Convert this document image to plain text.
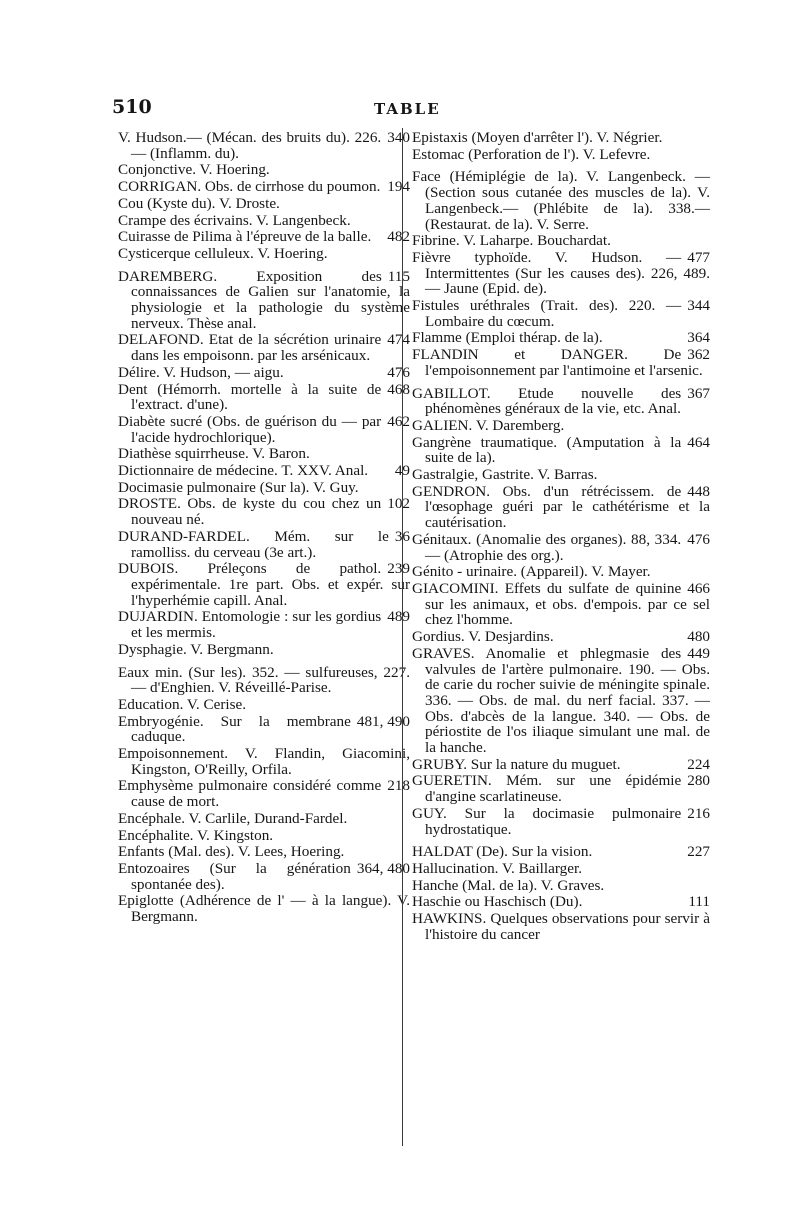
510	TABLE
340
V. Hudson.— (Mécan. des bruits du). 226. — (Inflamm. du).
Conjonctive. V. Hoering.
194
CORRIGAN. Obs. de cirrhose du poumon.
Cou (Kyste du). V. Droste.
Crampe des écrivains. V. Langenbeck.
482
Cuirasse de Pilima à l'épreuve de la balle.
Cysticerque celluleux. V. Hoering.
115
DAREMBERG. Exposition des connaissances de Galien sur l'anatomie, la physiologie et la pathologie du système nerveux. Thèse anal.
474
DELAFOND. Etat de la sécrétion urinaire dans les empoisonn. par les arsénicaux.
476
Délire. V. Hudson, — aigu.
468
Dent (Hémorrh. mortelle à la suite de l'extract. d'une).
462
Diabète sucré (Obs. de guérison du — par l'acide hydrochlorique).
Diathèse squirrheuse. V. Baron.
49
Dictionnaire de médecine. T. XXV. Anal.
Docimasie pulmonaire (Sur la). V. Guy.
102
DROSTE. Obs. de kyste du cou chez un nouveau né.
36
DURAND-FARDEL. Mém. sur le ramolliss. du cerveau (3e art.).
239
DUBOIS. Préleçons de pathol. expérimentale. 1re part. Obs. et expér. sur l'hyperhémie capill. Anal.
489
DUJARDIN. Entomologie : sur les gordius et les mermis.
Dysphagie. V. Bergmann.
Eaux min. (Sur les). 352. — sulfureuses, 227. — d'Enghien. V. Réveillé-Parise.
Education. V. Cerise.
481, 490
Embryogénie. Sur la membrane caduque.
Empoisonnement. V. Flandin, Giacomini, Kingston, O'Reilly, Orfila.
218
Emphysème pulmonaire considéré comme cause de mort.
Encéphale. V. Carlile, Durand-Fardel.
Encéphalite. V. Kingston.
Enfants (Mal. des). V. Lees, Hoering.
364, 480
Entozoaires (Sur la génération spontanée des).
Epiglotte (Adhérence de l' — à la langue). V. Bergmann.
Epistaxis (Moyen d'arrêter l'). V. Négrier.
Estomac (Perforation de l'). V. Lefevre.
Face (Hémiplégie de la). V. Langenbeck. — (Section sous cutanée des muscles de la). V. Langenbeck.— (Phlébite de la). 338.—(Restaurat. de la). V. Serre.
Fibrine. V. Laharpe. Bouchardat.
477
Fièvre typhoïde. V. Hudson. — Intermittentes (Sur les causes des). 226, 489. — Jaune (Epid. de).
344
Fistules uréthrales (Trait. des). 220. — Lombaire du cœcum.
364
Flamme (Emploi thérap. de la).
362
FLANDIN et DANGER. De l'empoisonnement par l'antimoine et l'arsenic.
367
GABILLOT. Etude nouvelle des phénomènes généraux de la vie, etc. Anal.
GALIEN. V. Daremberg.
464
Gangrène traumatique. (Amputation à la suite de la).
Gastralgie, Gastrite. V. Barras.
448
GENDRON. Obs. d'un rétrécissem. de l'œsophage guéri par le cathétérisme et la cautérisation.
476
Génitaux. (Anomalie des organes). 88, 334. — (Atrophie des org.).
Génito - urinaire. (Appareil). V. Mayer.
466
GIACOMINI. Effets du sulfate de quinine sur les animaux, et obs. d'empois. par ce sel chez l'homme.
480
Gordius. V. Desjardins.
449
GRAVES. Anomalie et phlegmasie des valvules de l'artère pulmonaire. 190. — Obs. de carie du rocher suivie de méningite spinale. 336. — Obs. de mal. du nerf facial. 337. — Obs. d'abcès de la langue. 340. — Obs. de périostite de l'os iliaque simulant une mal. de la hanche.
224
GRUBY. Sur la nature du muguet.
280
GUERETIN. Mém. sur une épidémie d'angine scarlatineuse.
216
GUY. Sur la docimasie pulmonaire hydrostatique.
227
HALDAT (De). Sur la vision.
Hallucination. V. Baillarger.
Hanche (Mal. de la). V. Graves.
111
Haschie ou Haschisch (Du).
HAWKINS. Quelques observations pour servir à l'histoire du cancer
